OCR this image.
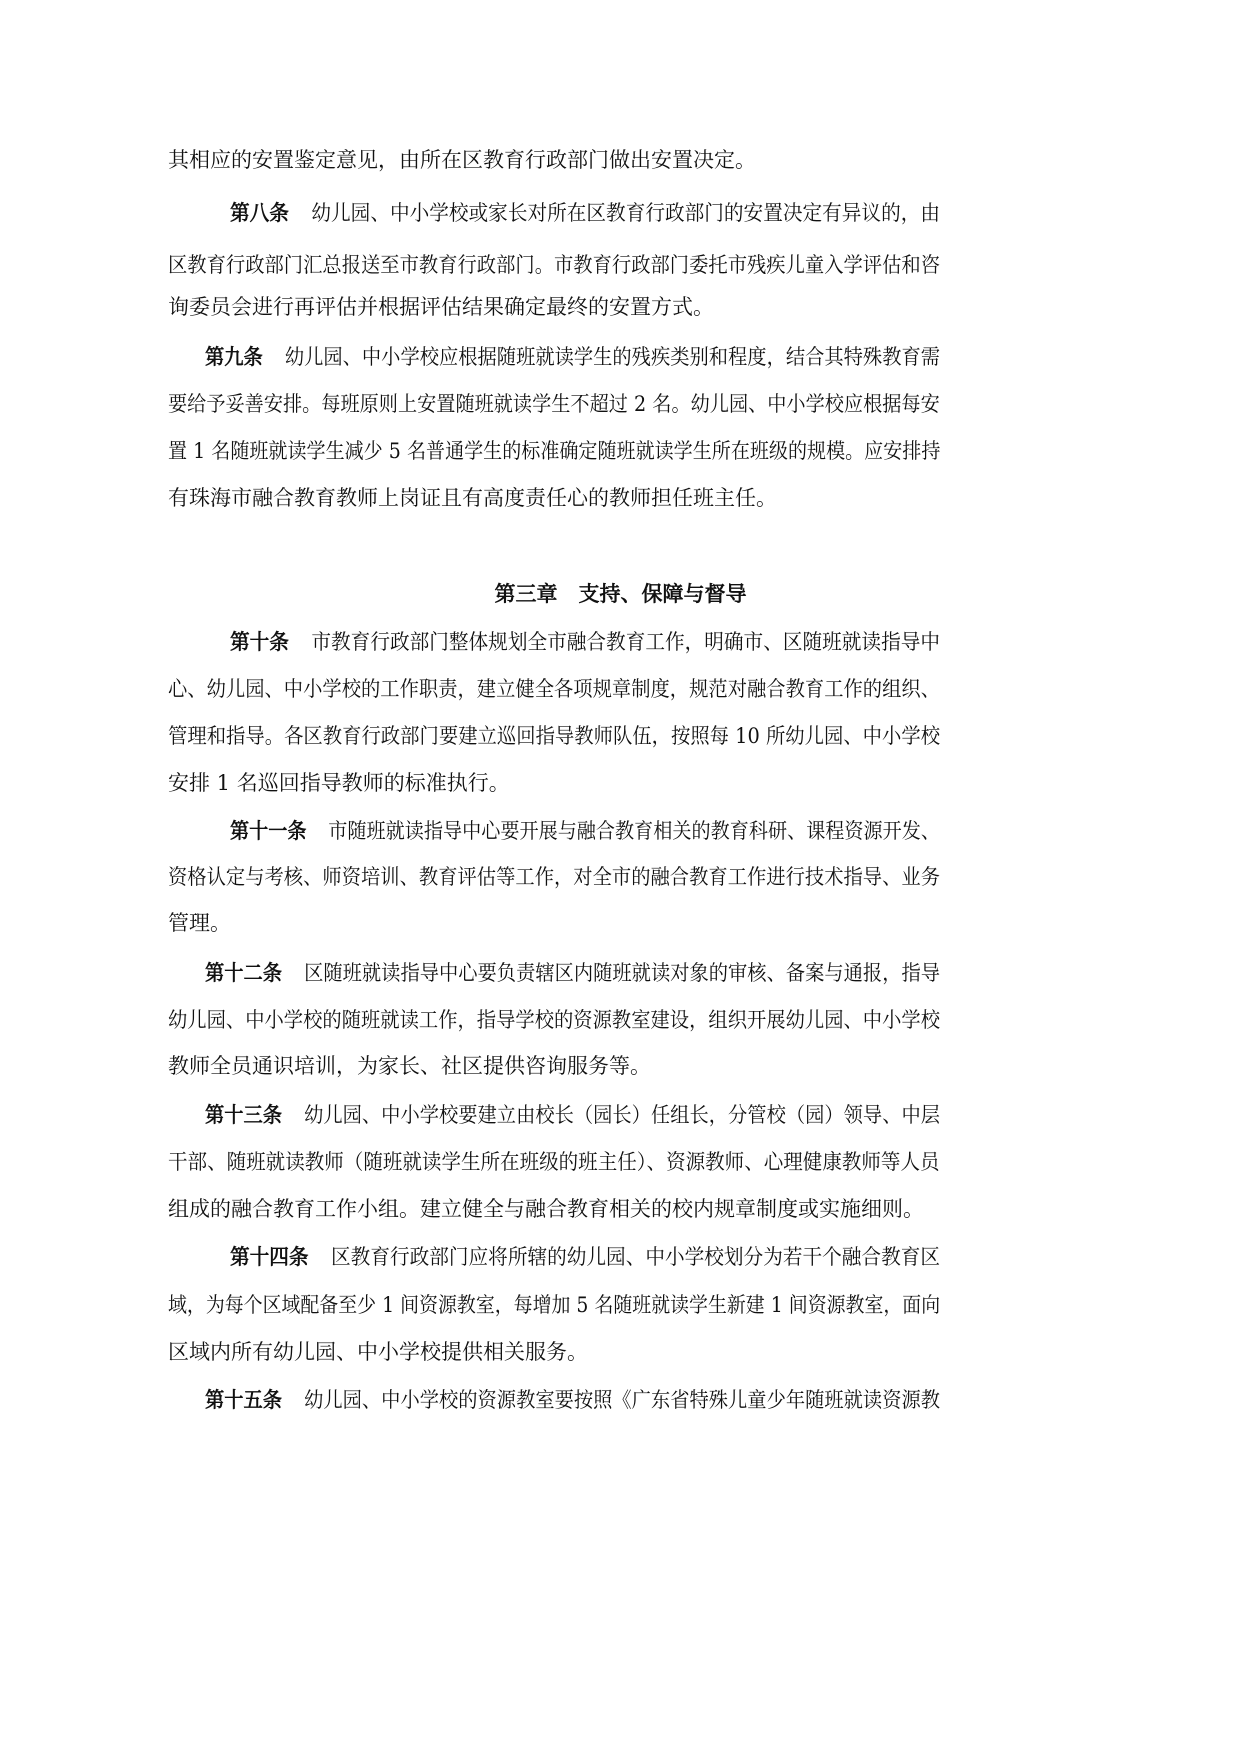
其相应的安置鉴定意见，由所在区教育行政部门做出安置决定。
第八条 幼儿园、中小学校或家长对所在区教育行政部门的安置决定有异议的，由
区教育行政部门汇总报送至市教育行政部门。市教育行政部门委托市残疾儿童入学评估和咨
询委员会进行再评估并根据评估结果确定最终的安置方式。
第九条 幼儿园、中小学校应根据随班就读学生的残疾类别和程度，结合其特殊教育需
要给予妥善安排。每班原则上安置随班就读学生不超过 2 名。幼儿园、中小学校应根据每安
置 1 名随班就读学生减少 5 名普通学生的标准确定随班就读学生所在班级的规模。应安排持
有珠海市融合教育教师上岗证且有高度责任心的教师担任班主任。
第三章　支持、保障与督导
第十条 市教育行政部门整体规划全市融合教育工作，明确市、区随班就读指导中
心、幼儿园、中小学校的工作职责，建立健全各项规章制度，规范对融合教育工作的组织、
管理和指导。各区教育行政部门要建立巡回指导教师队伍，按照每 10 所幼儿园、中小学校
安排 1 名巡回指导教师的标准执行。
第十一条 市随班就读指导中心要开展与融合教育相关的教育科研、课程资源开发、
资格认定与考核、师资培训、教育评估等工作，对全市的融合教育工作进行技术指导、业务
管理。
第十二条 区随班就读指导中心要负责辖区内随班就读对象的审核、备案与通报，指导
幼儿园、中小学校的随班就读工作，指导学校的资源教室建设，组织开展幼儿园、中小学校
教师全员通识培训，为家长、社区提供咨询服务等。
第十三条 幼儿园、中小学校要建立由校长（园长）任组长，分管校（园）领导、中层
干部、随班就读教师（随班就读学生所在班级的班主任）、资源教师、心理健康教师等人员
组成的融合教育工作小组。建立健全与融合教育相关的校内规章制度或实施细则。
第十四条 区教育行政部门应将所辖的幼儿园、中小学校划分为若干个融合教育区
域，为每个区域配备至少 1 间资源教室，每增加 5 名随班就读学生新建 1 间资源教室，面向
区域内所有幼儿园、中小学校提供相关服务。
第十五条 幼儿园、中小学校的资源教室要按照《广东省特殊儿童少年随班就读资源教
